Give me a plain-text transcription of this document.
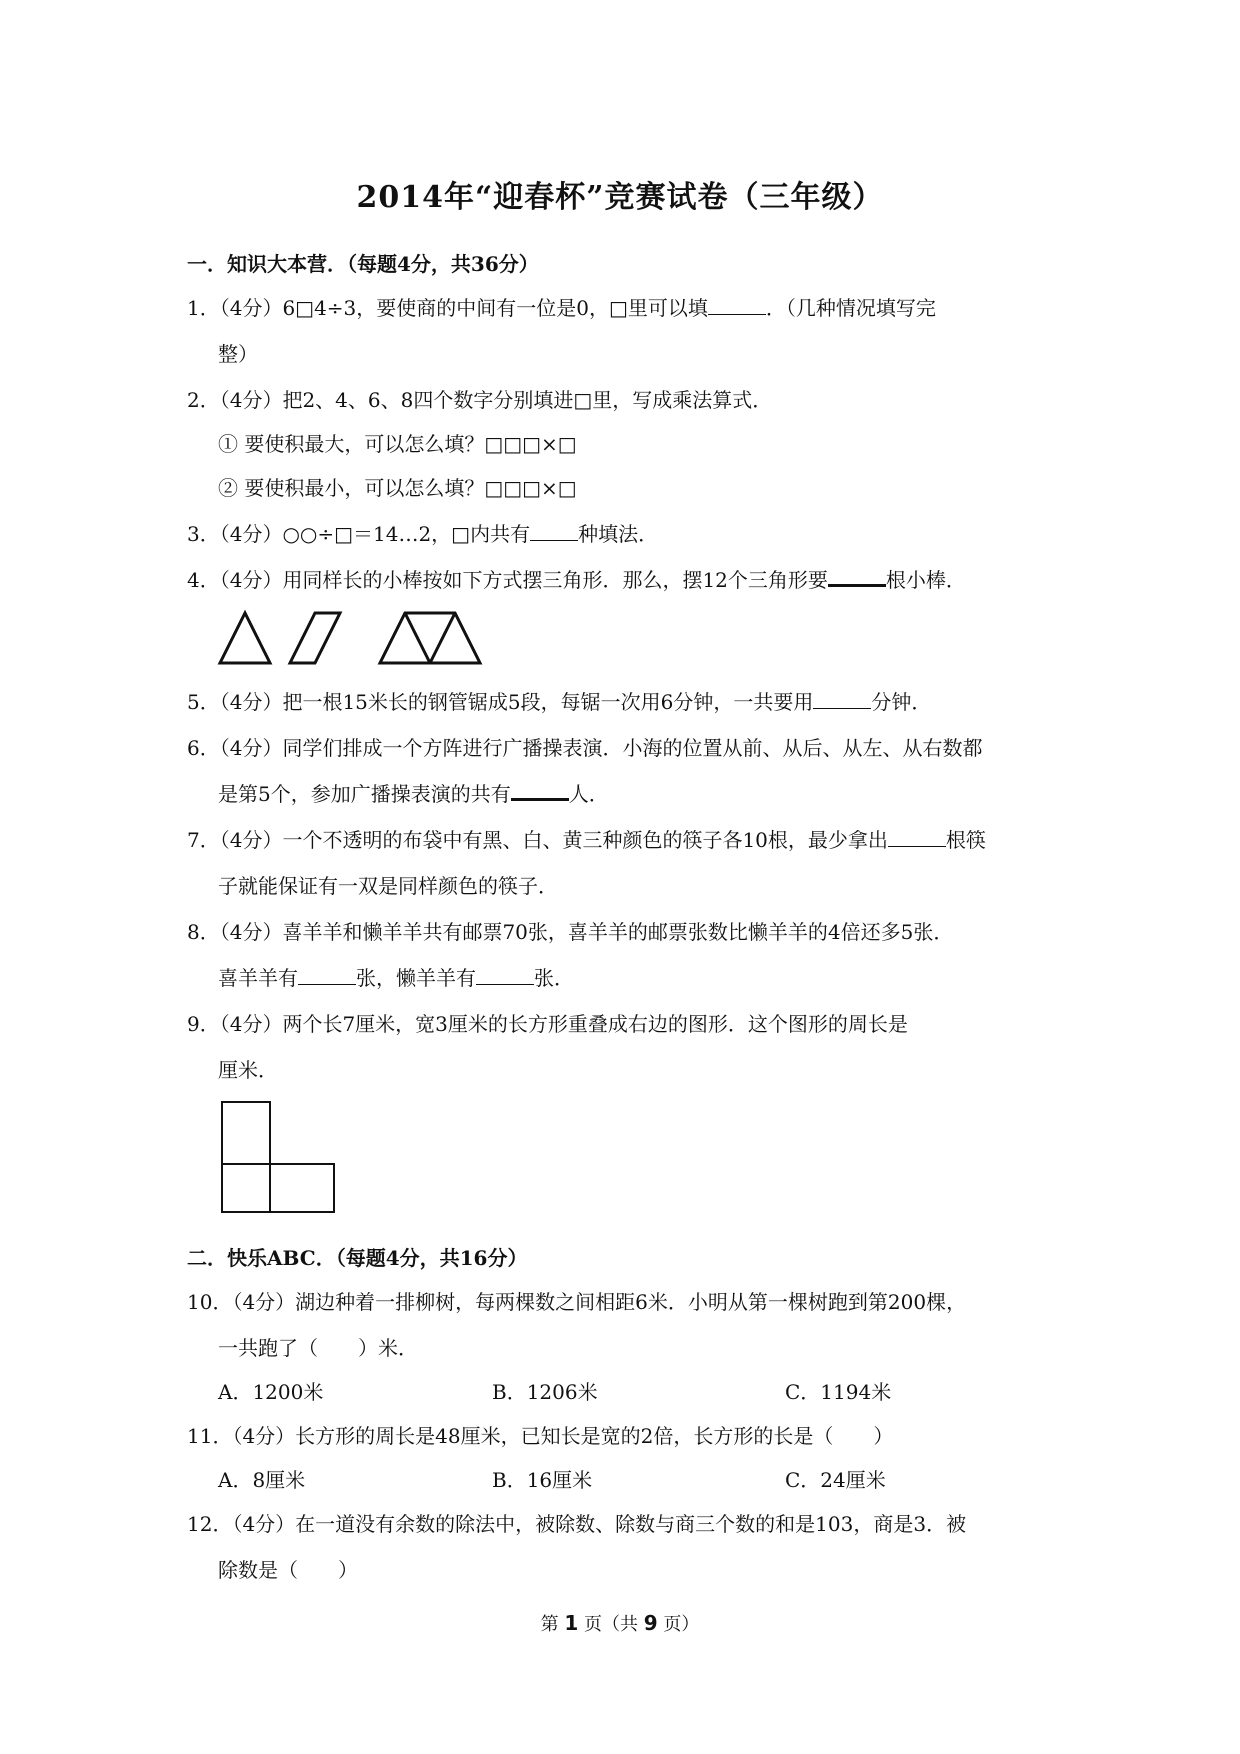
2014年“迎春杯”竞赛试卷（三年级）
一．知识大本营．（每题4分，共36分）
1．（4分）6□4÷3，要使商的中间有一位是0，□里可以填	．（几种情况填写完
整）
2．（4分）把2、4、6、8四个数字分别填进□里，写成乘法算式．
① 要使积最大，可以怎么填？□□□×□
② 要使积最小，可以怎么填？□□□×□
3．（4分）○○÷□＝14…2，□内共有 种填法．
4．（4分）用同样长的小棒按如下方式摆三角形．那么，摆12个三角形要	根小棒．
5．（4分）把一根15米长的钢管锯成5段，每锯一次用6分钟，一共要用	分钟．
6．（4分）同学们排成一个方阵进行广播操表演．小海的位置从前、从后、从左、从右数都
是第5个，参加广播操表演的共有	人．
7．（4分）一个不透明的布袋中有黑、白、黄三种颜色的筷子各10根，最少拿出	根筷
子就能保证有一双是同样颜色的筷子．
8．（4分）喜羊羊和懒羊羊共有邮票70张，喜羊羊的邮票张数比懒羊羊的4倍还多5张．
喜羊羊有	张，懒羊羊有	张．
9．（4分）两个长7厘米，宽3厘米的长方形重叠成右边的图形．这个图形的周长是
厘米．
二．快乐ABC．（每题4分，共16分）
10．（4分）湖边种着一排柳树，每两棵数之间相距6米．小明从第一棵树跑到第200棵，
一共跑了（　　）米．
A．1200米	B．1206米	C．1194米
11．（4分）长方形的周长是48厘米，已知长是宽的2倍，长方形的长是（　　）
A．8厘米	B．16厘米	C．24厘米
12．（4分）在一道没有余数的除法中，被除数、除数与商三个数的和是103，商是3．被
除数是（　　）
第 1 页（共 9 页）
